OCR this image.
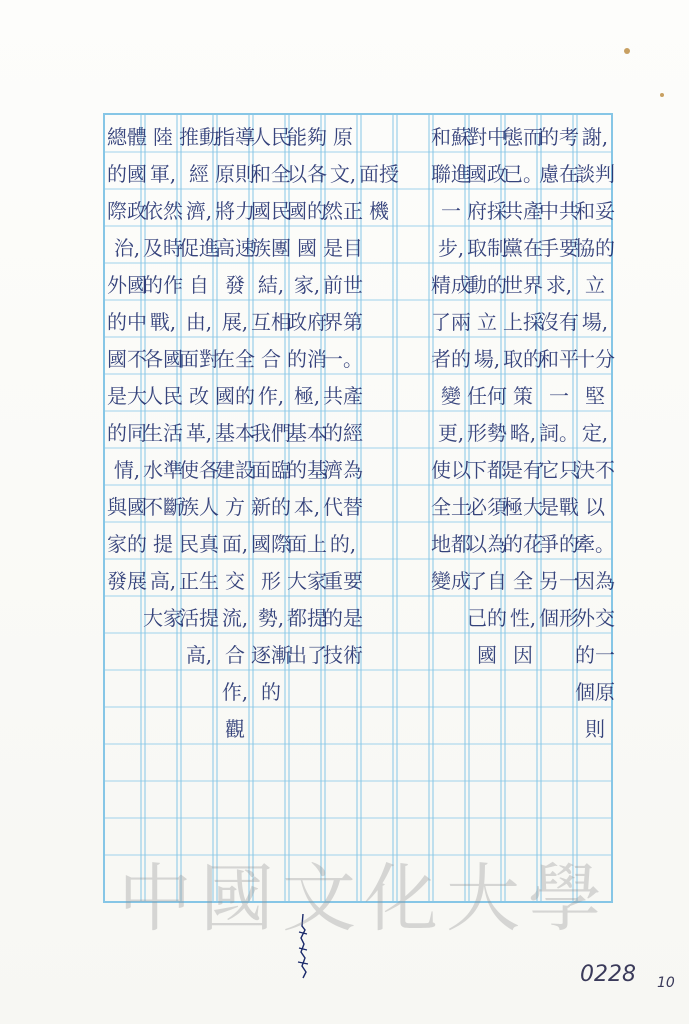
謝,談判和妥協的立場,十分堅定,決不以牽。因為外交的一個原則
的考慮在中共手要求,沒有和平一詞。它只是戰爭的另一個形
態而已。共產黨在世界上採取的策略,是有極大的花全性,因
對中國政府採取制動的立場,任何形勢下都必須以為了自己的國
和蘇聯進一步,精成了兩者的變更,使以全土地都變成
面授機
原文,然正是目前世界第一。共產的經濟為代替的,重要的是技術
能夠以各國的國家,政府的消極,基本的基本,面上大家都提出了
人民和全國民族團結,互相合作,我們面臨新的國際形勢,逐漸的
指導原則將力高速發展,在全國的基本建設方面,交流,合作,觀
推動經濟,促進自由,面對改革,使各族人民真正生活提高,
陸軍,依然及時的作戰,各國人民生活水準不斷提高,大家
總體的國際政治,外國的中國不是大的同情,與國家的發展
中國文化大學
0228 10
